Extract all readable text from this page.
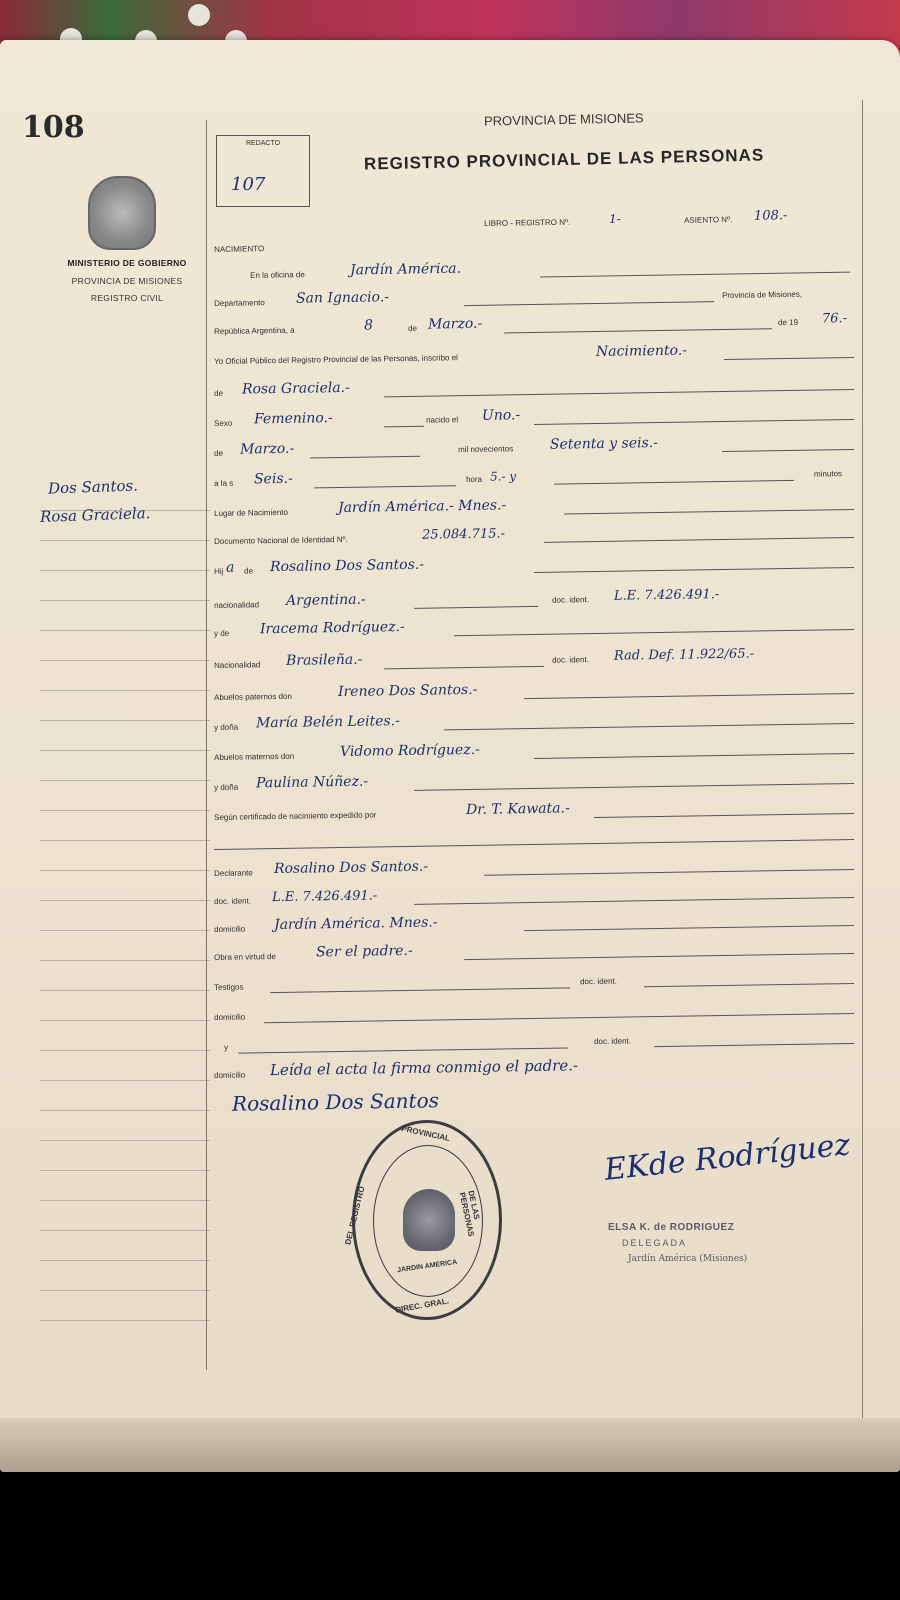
108
MINISTERIO DE GOBIERNO
PROVINCIA DE MISIONES
REGISTRO CIVIL
Dos Santos.
Rosa Graciela.
REDACTO
107
PROVINCIA DE MISIONES
REGISTRO PROVINCIAL DE LAS PERSONAS
LIBRO - REGISTRO Nº.	1-	ASIENTO Nº. 108.-
NACIMIENTO
En la oficina de	Jardín América.
Departamento San Ignacio.-	Provincia de Misiones,
República Argentina, a	8	de Marzo.-	de 19 76.-
Yo Oficial Público del Registro Provincial de las Personas, inscribo el	Nacimiento.-
de Rosa Graciela.-
Sexo Femenino.-	nacido el Uno.-
de Marzo.-	mil novecientos	Setenta y seis.-
a la s Seis.-	hora 5.- y	minutos
Lugar de Nacimiento	Jardín América.- Mnes.-
Documento Nacional de Identidad Nº.	25.084.715.-
Hij a de Rosalino Dos Santos.-
nacionalidad Argentina.-	doc. ident. L.E. 7.426.491.-
y de Iracema Rodríguez.-
Nacionalidad Brasileña.-	doc. ident. Rad. Def. 11.922/65.-
Abuelos paternos don	Ireneo Dos Santos.-
y doña María Belén Leites.-
Abuelos maternos don	Vidomo Rodríguez.-
y doña Paulina Núñez.-
Según certificado de nacimiento expedido por	Dr. T. Kawata.-
Declarante Rosalino Dos Santos.-
doc. ident. L.E. 7.426.491.-
domicilio Jardín América. Mnes.-
Obra en virtud de	Ser el padre.-
Testigos
doc. ident.
domicilio
y
doc. ident.
domicilio Leída el acta la firma conmigo el padre.-
Rosalino Dos Santos
EKde Rodríguez
ELSA K. de RODRIGUEZ
DELEGADA
Jardín América (Misiones)
PROVINCIAL
DEL REGISTRO	DE LAS PERSONAS
DIREC. GRAL.
JARDIN AMERICA
